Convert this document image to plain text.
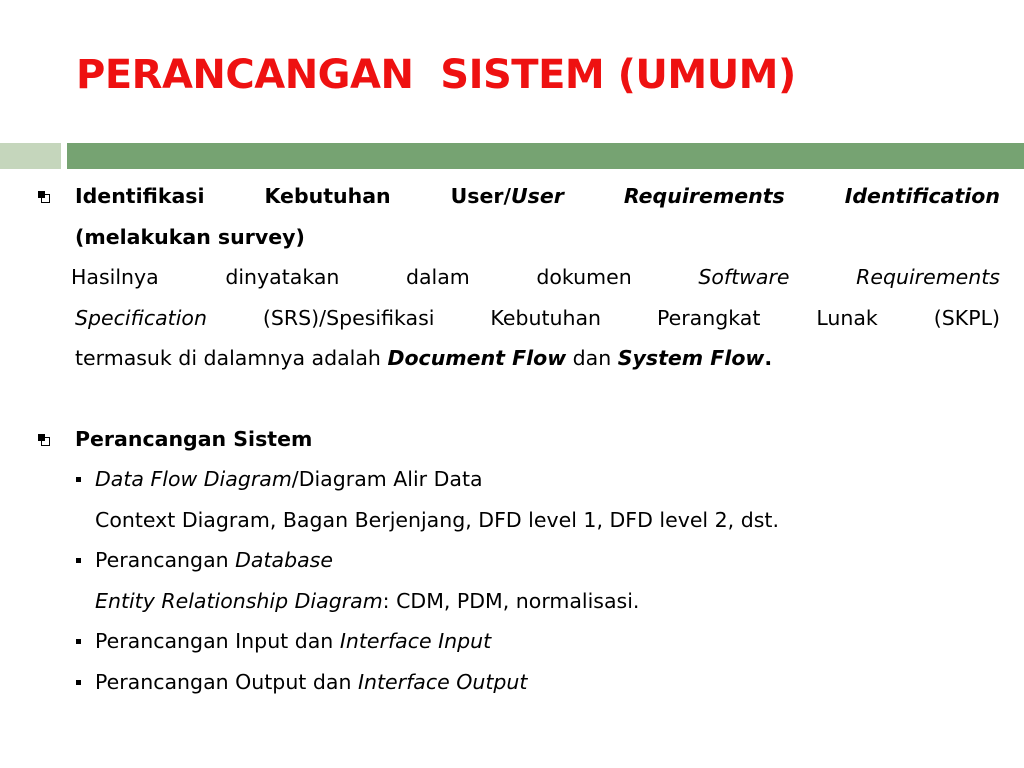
PERANCANGAN  SISTEM (UMUM)
Identifikasi Kebutuhan User/User Requirements Identification
(melakukan survey)
Hasilnya dinyatakan dalam dokumen Software Requirements
Specification (SRS)/Spesifikasi Kebutuhan Perangkat Lunak (SKPL)
termasuk di dalamnya adalah Document Flow dan System Flow.
Perancangan Sistem
Data Flow Diagram/Diagram Alir Data
Context Diagram, Bagan Berjenjang, DFD level 1, DFD level 2, dst.
Perancangan Database
Entity Relationship Diagram: CDM, PDM, normalisasi.
Perancangan Input dan Interface Input
Perancangan Output dan Interface Output
